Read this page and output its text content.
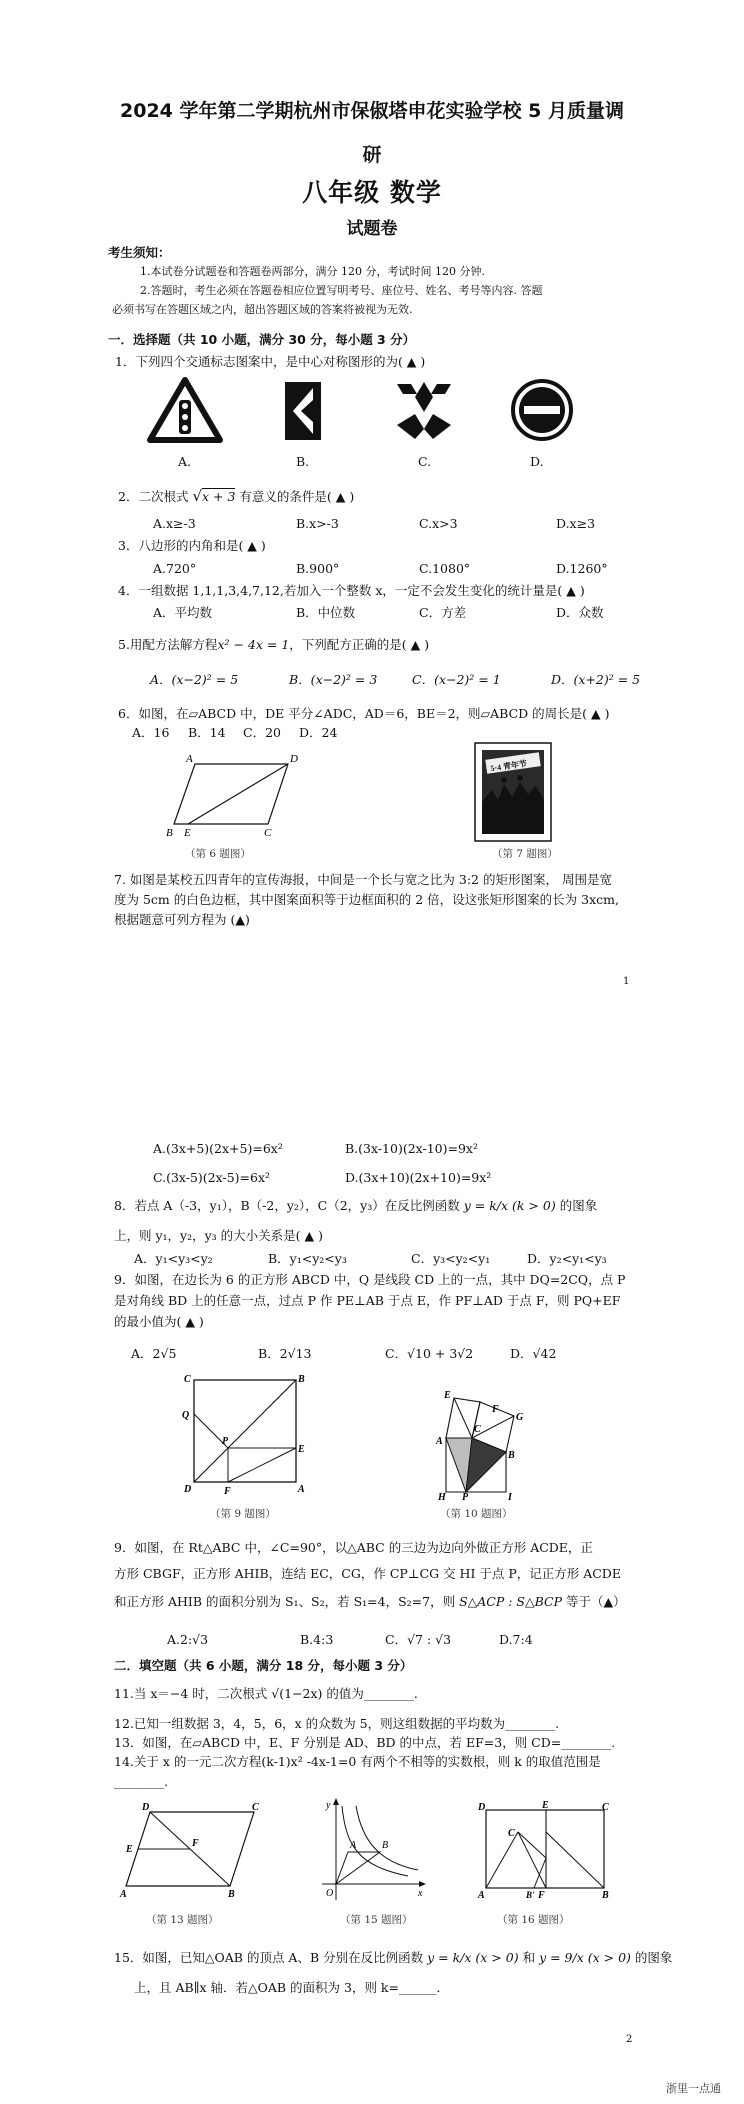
2024 学年第二学期杭州市保俶塔申花实验学校 5 月质量调
研
八年级 数学
试题卷
考生须知：
1.本试卷分试题卷和答题卷两部分，满分 120 分，考试时间 120 分钟.
2.答题时，考生必须在答题卷相应位置写明考号、座位号、姓名、考号等内容. 答题
必须书写在答题区域之内，超出答题区域的答案将被视为无效.
一．选择题（共 10 小题，满分 30 分，每小题 3 分）
1．下列四个交通标志图案中，是中心对称图形的为( ▲ )
A.	B.	C.	D.
2．二次根式 √x + 3 有意义的条件是( ▲ )
A.x≥-3	B.x>-3	C.x>3	D.x≥3
3．八边形的内角和是( ▲ )
A.720°	B.900°	C.1080°	D.1260°
4．一组数据 1,1,1,3,4,7,12,若加入一个整数 x，一定不会发生变化的统计量是( ▲ )
A．平均数	B．中位数	C．方差	D．众数
5.用配方法解方程x² − 4x = 1，下列配方正确的是( ▲ )
A．(x−2)² = 5	B．(x−2)² = 3	C．(x−2)² = 1	D．(x+2)² = 5
6．如图，在▱ABCD 中，DE 平分∠ADC，AD＝6，BE＝2，则▱ABCD 的周长是( ▲ )
A．16 B．14 C．20 D．24
A	D
B E	C
（第 6 题图）
5·4 青年节
（第 7 题图）
7. 如图是某校五四青年的宣传海报，中间是一个长与宽之比为 3:2 的矩形图案， 周围是宽
度为 5cm 的白色边框，其中图案面积等于边框面积的 2 倍，设这张矩形图案的长为 3xcm,
根据题意可列方程为 (▲)
1
A.(3x+5)(2x+5)=6x²	B.(3x-10)(2x-10)=9x²
C.(3x-5)(2x-5)=6x²	D.(3x+10)(2x+10)=9x²
8．若点 A（-3，y₁），B（-2，y₂），C（2，y₃）在反比例函数 y = k/x (k > 0) 的图象
上，则 y₁，y₂，y₃ 的大小关系是( ▲ )
A．y₁<y₃<y₂	B．y₁<y₂<y₃	C．y₃<y₂<y₁	D．y₂<y₁<y₃
9．如图，在边长为 6 的正方形 ABCD 中，Q 是线段 CD 上的一点，其中 DQ=2CQ，点 P
是对角线 BD 上的任意一点，过点 P 作 PE⊥AB 于点 E，作 PF⊥AD 于点 F，则 PQ+EF
的最小值为( ▲ )
A．2√5	B．2√13	C．√10 + 3√2	D．√42
C	B
Q
P
E
D	F	A
（第 9 题图）
E
C
F
G
A
B
H P	I
（第 10 题图）
9．如图，在 Rt△ABC 中，∠C=90°，以△ABC 的三边为边向外做正方形 ACDE，正
方形 CBGF，正方形 AHIB，连结 EC，CG，作 CP⊥CG 交 HI 于点 P，记正方形 ACDE
和正方形 AHIB 的面积分别为 S₁、S₂，若 S₁=4，S₂=7，则 S△ACP : S△BCP 等于（▲）
A.2:√3	B.4:3	C．√7 : √3	D.7:4
二．填空题（共 6 小题，满分 18 分，每小题 3 分）
11.当 x＝−4 时，二次根式 √(1−2x) 的值为________.
12.已知一组数据 3，4，5，6，x 的众数为 5，则这组数据的平均数为________.
13．如图，在▱ABCD 中，E、F 分别是 AD、BD 的中点，若 EF=3，则 CD=________.
14.关于 x 的一元二次方程(k-1)x² -4x-1=0 有两个不相等的实数根，则 k 的取值范围是
________.
D	C
E
F
A	B
（第 13 题图）
y
A	B
O	x
（第 15 题图）
D	E	C
C
A	F	B
B'
（第 16 题图）
15．如图，已知△OAB 的顶点 A、B 分别在反比例函数 y = k/x (x > 0) 和 y = 9/x (x > 0) 的图象
上，且 AB∥x 轴．若△OAB 的面积为 3，则 k=______．
2
浙里一点通
